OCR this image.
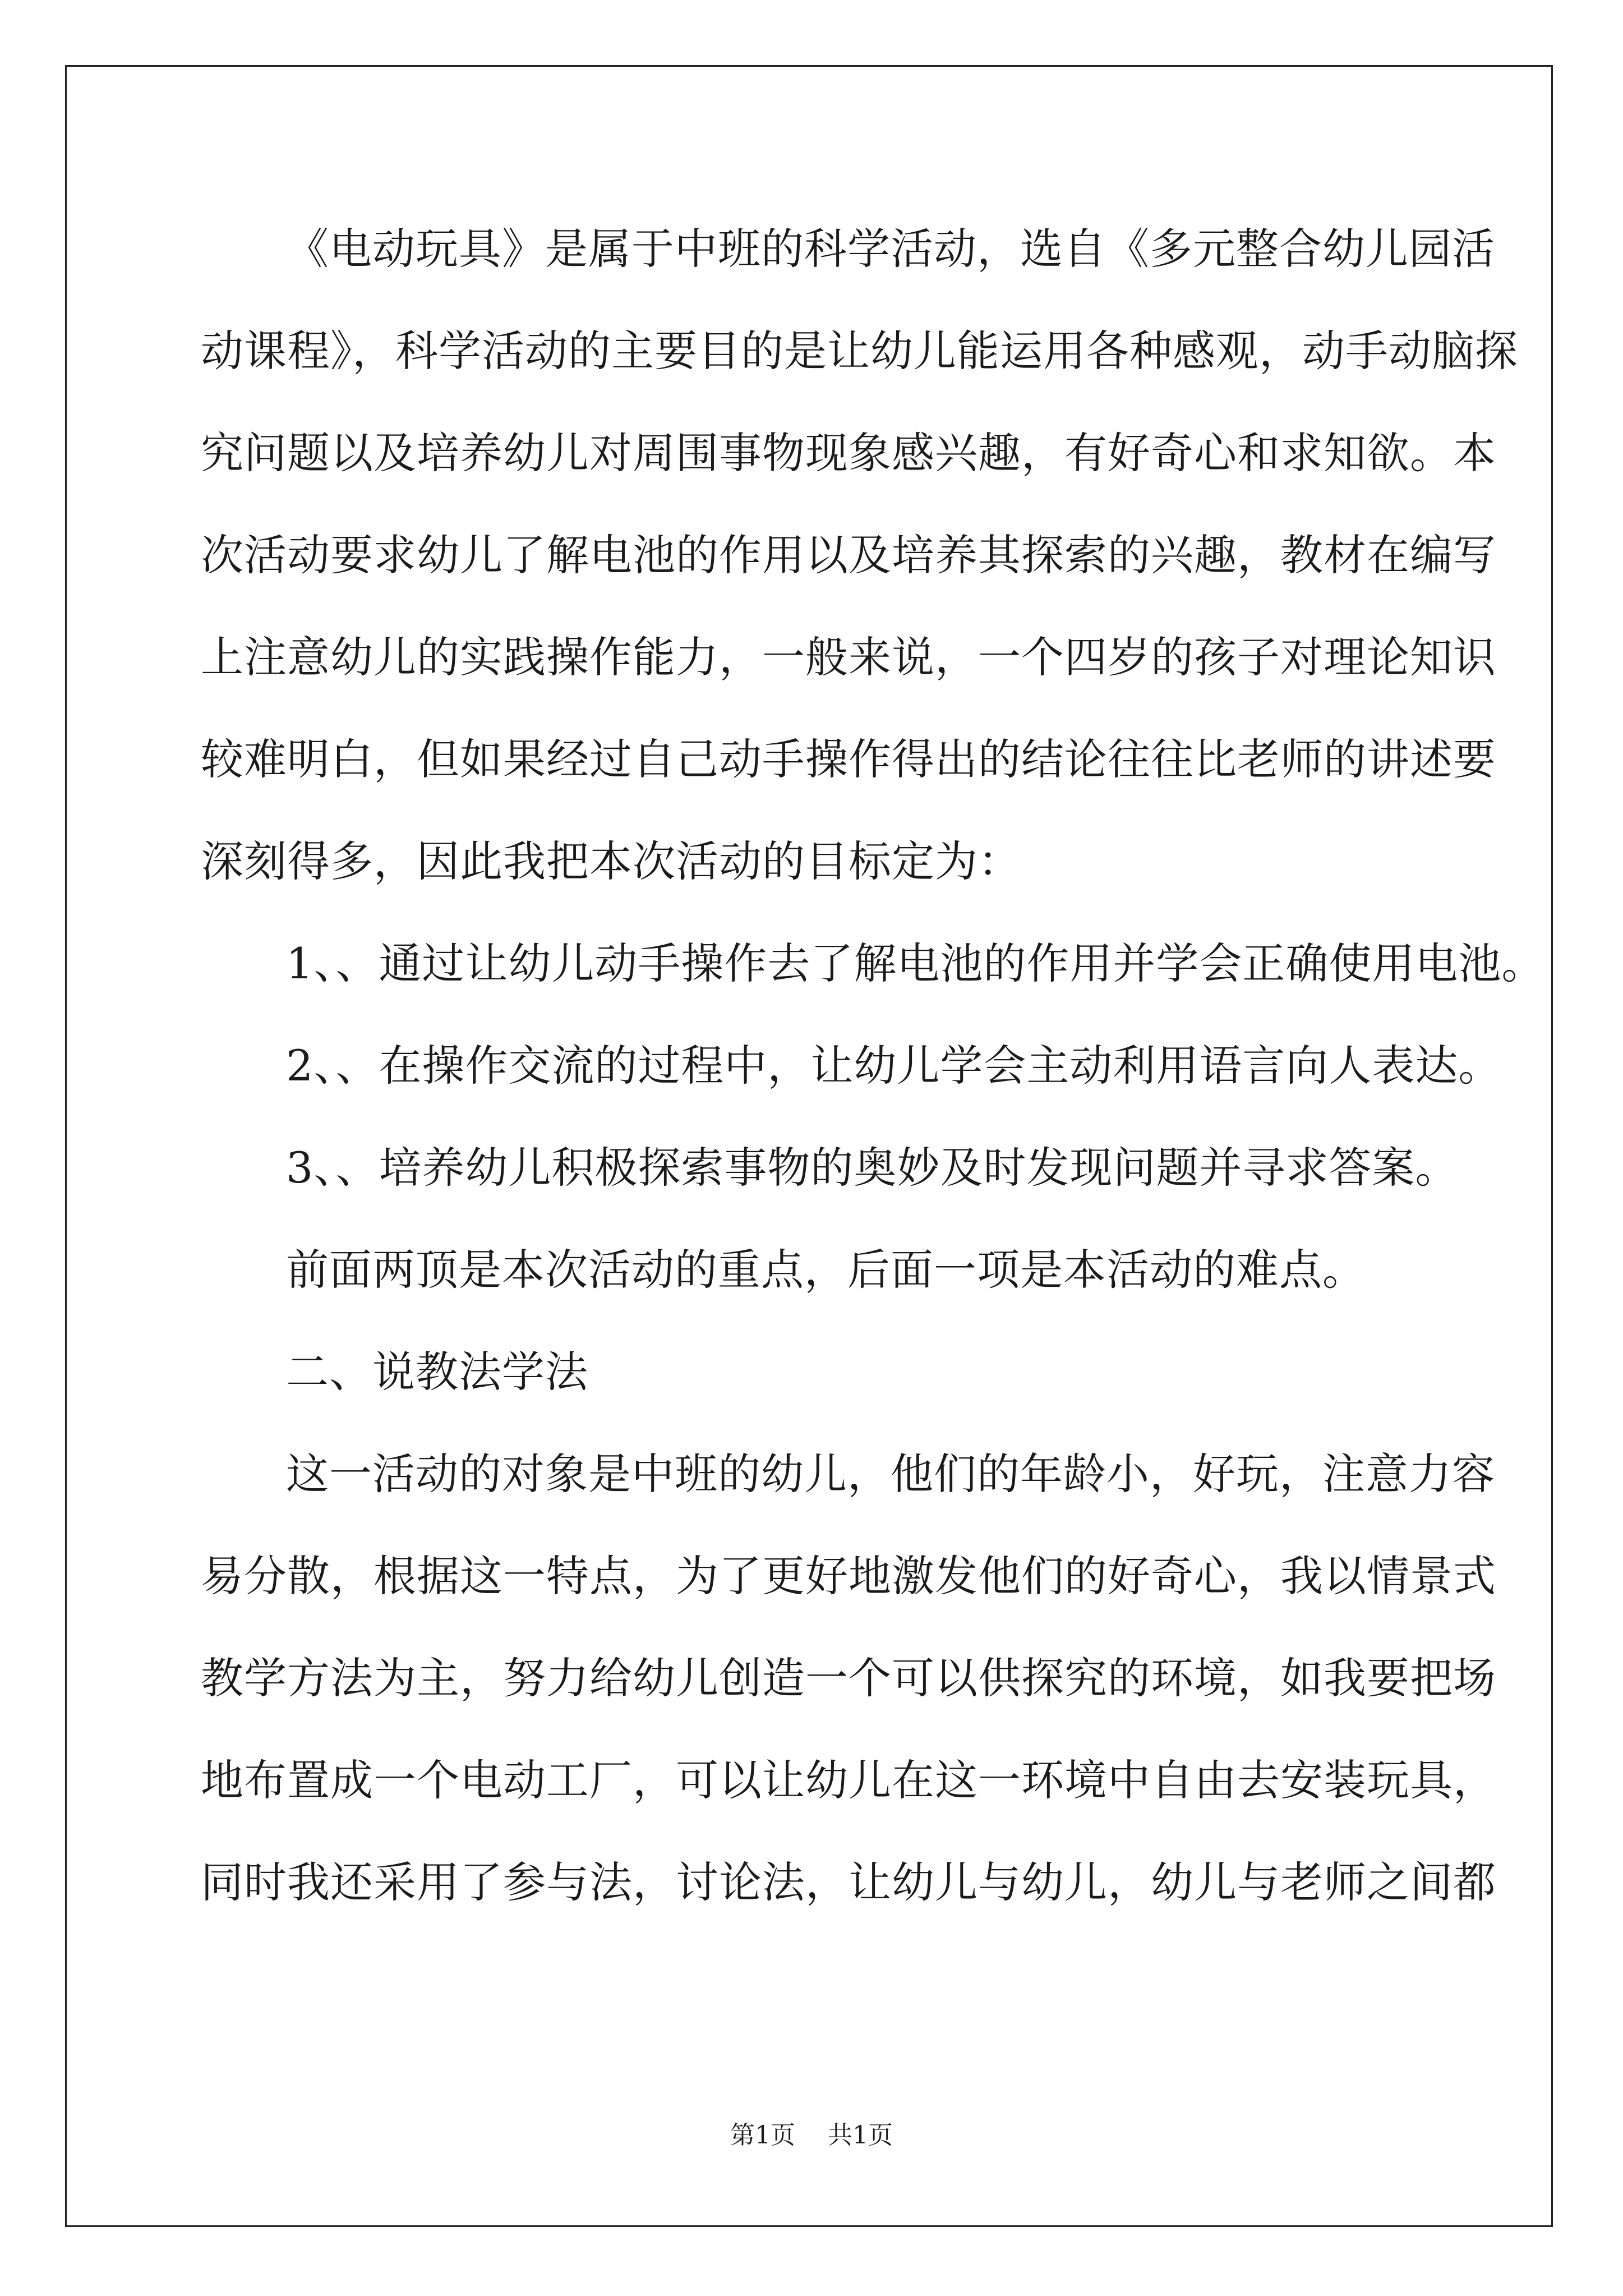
《电动玩具》是属于中班的科学活动，选自《多元整合幼儿园活
动课程》，科学活动的主要目的是让幼儿能运用各种感观，动手动脑探
究问题以及培养幼儿对周围事物现象感兴趣，有好奇心和求知欲。本
次活动要求幼儿了解电池的作用以及培养其探索的兴趣，教材在编写
上注意幼儿的实践操作能力，一般来说，一个四岁的孩子对理论知识
较难明白，但如果经过自己动手操作得出的结论往往比老师的讲述要
深刻得多，因此我把本次活动的目标定为：
1、、通过让幼儿动手操作去了解电池的作用并学会正确使用电池。
2、、在操作交流的过程中，让幼儿学会主动利用语言向人表达。
3、、培养幼儿积极探索事物的奥妙及时发现问题并寻求答案。
前面两顶是本次活动的重点，后面一项是本活动的难点。
二、说教法学法
这一活动的对象是中班的幼儿，他们的年龄小，好玩，注意力容
易分散，根据这一特点，为了更好地激发他们的好奇心，我以情景式
教学方法为主，努力给幼儿创造一个可以供探究的环境，如我要把场
地布置成一个电动工厂，可以让幼儿在这一环境中自由去安装玩具，
同时我还采用了参与法，讨论法，让幼儿与幼儿，幼儿与老师之间都
第1页 共1页
